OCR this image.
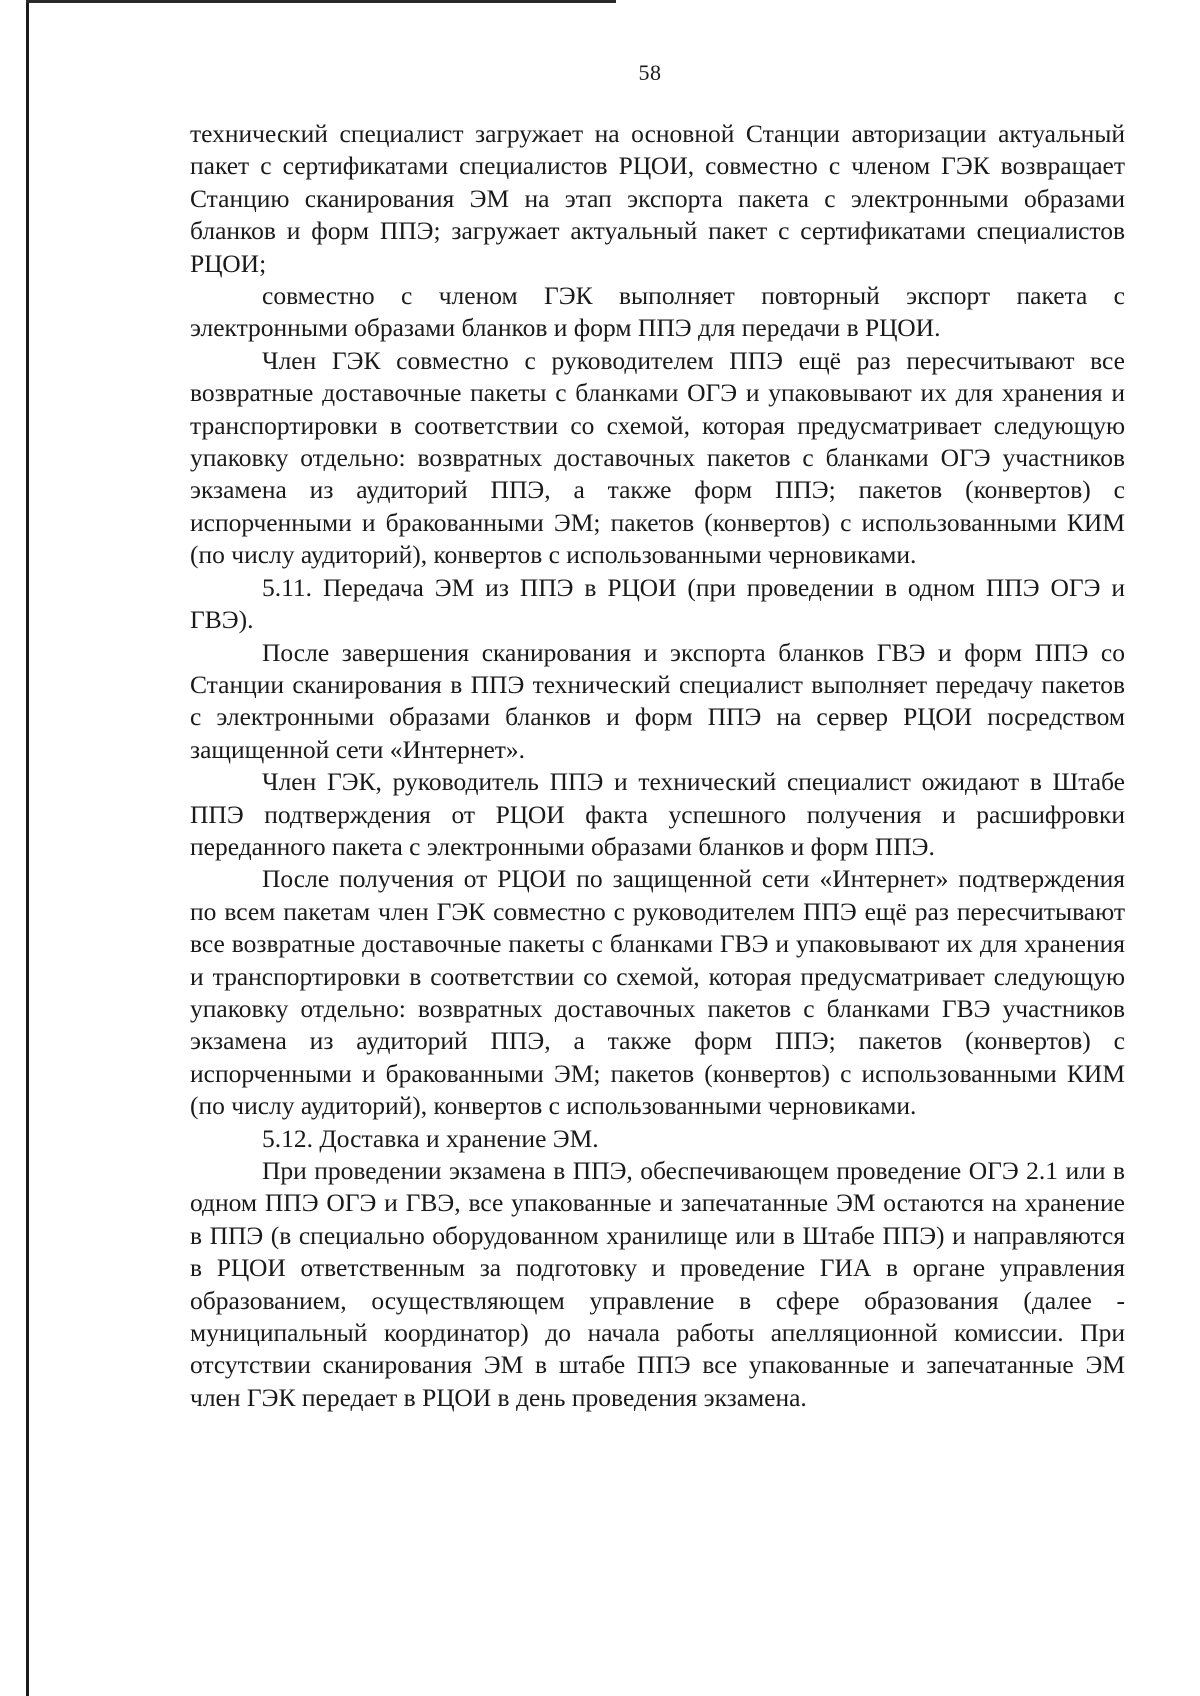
58

технический специалист загружает на основной Станции авторизации актуальный пакет с сертификатами специалистов РЦОИ, совместно с членом ГЭК возвращает Станцию сканирования ЭМ на этап экспорта пакета с электронными образами бланков и форм ППЭ; загружает актуальный пакет с сертификатами специалистов РЦОИ;

совместно с членом ГЭК выполняет повторный экспорт пакета с электронными образами бланков и форм ППЭ для передачи в РЦОИ.

Член ГЭК совместно с руководителем ППЭ ещё раз пересчитывают все возвратные доставочные пакеты с бланками ОГЭ и упаковывают их для хранения и транспортировки в соответствии со схемой, которая предусматривает следующую упаковку отдельно: возвратных доставочных пакетов с бланками ОГЭ участников экзамена из аудиторий ППЭ, а также форм ППЭ; пакетов (конвертов) с испорченными и бракованными ЭМ; пакетов (конвертов) с использованными КИМ (по числу аудиторий), конвертов с использованными черновиками.

5.11. Передача ЭМ из ППЭ в РЦОИ (при проведении в одном ППЭ ОГЭ и ГВЭ).

После завершения сканирования и экспорта бланков ГВЭ и форм ППЭ со Станции сканирования в ППЭ технический специалист выполняет передачу пакетов с электронными образами бланков и форм ППЭ на сервер РЦОИ посредством защищенной сети «Интернет».

Член ГЭК, руководитель ППЭ и технический специалист ожидают в Штабе ППЭ подтверждения от РЦОИ факта успешного получения и расшифровки переданного пакета с электронными образами бланков и форм ППЭ.

После получения от РЦОИ по защищенной сети «Интернет» подтверждения по всем пакетам член ГЭК совместно с руководителем ППЭ ещё раз пересчитывают все возвратные доставочные пакеты с бланками ГВЭ и упаковывают их для хранения и транспортировки в соответствии со схемой, которая предусматривает следующую упаковку отдельно: возвратных доставочных пакетов с бланками ГВЭ участников экзамена из аудиторий ППЭ, а также форм ППЭ; пакетов (конвертов) с испорченными и бракованными ЭМ; пакетов (конвертов) с использованными КИМ (по числу аудиторий), конвертов с использованными черновиками.

5.12. Доставка и хранение ЭМ.

При проведении экзамена в ППЭ, обеспечивающем проведение ОГЭ 2.1 или в одном ППЭ ОГЭ и ГВЭ, все упакованные и запечатанные ЭМ остаются на хранение в ППЭ (в специально оборудованном хранилище или в Штабе ППЭ) и направляются в РЦОИ ответственным за подготовку и проведение ГИА в органе управления образованием, осуществляющем управление в сфере образования (далее - муниципальный координатор) до начала работы апелляционной комиссии. При отсутствии сканирования ЭМ в штабе ППЭ все упакованные и запечатанные ЭМ член ГЭК передает в РЦОИ в день проведения экзамена.
